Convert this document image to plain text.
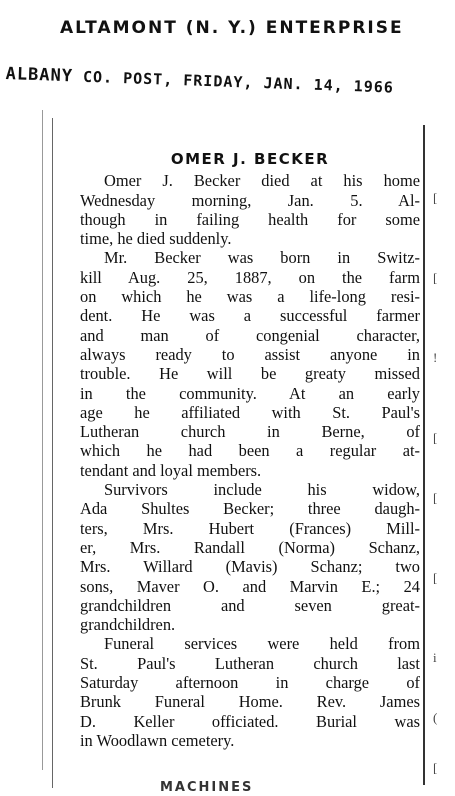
ALTAMONT (N. Y.) ENTERPRISE
ALBANY CO. POST, FRIDAY, JAN. 14, 1966
[
[
!
[
[
[
i
(
[
OMER J. BECKER
Omer J. Becker died at his home
Wednesday morning, Jan. 5. Al-
though in failing health for some
time, he died suddenly.
Mr. Becker was born in Switz-
kill Aug. 25, 1887, on the farm
on which he was a life-long resi-
dent. He was a successful farmer
and man of congenial character,
always ready to assist anyone in
trouble. He will be greaty missed
in the community. At an early
age he affiliated with St. Paul's
Lutheran church in Berne, of
which he had been a regular at-
tendant and loyal members.
Survivors include his widow,
Ada Shultes Becker; three daugh-
ters, Mrs. Hubert (Frances) Mill-
er, Mrs. Randall (Norma) Schanz,
Mrs. Willard (Mavis) Schanz; two
sons, Maver O. and Marvin E.; 24
grandchildren and seven great-
grandchildren.
Funeral services were held from
St. Paul's Lutheran church last
Saturday afternoon in charge of
Brunk Funeral Home. Rev. James
D. Keller officiated. Burial was
in Woodlawn cemetery.
MACHINES
